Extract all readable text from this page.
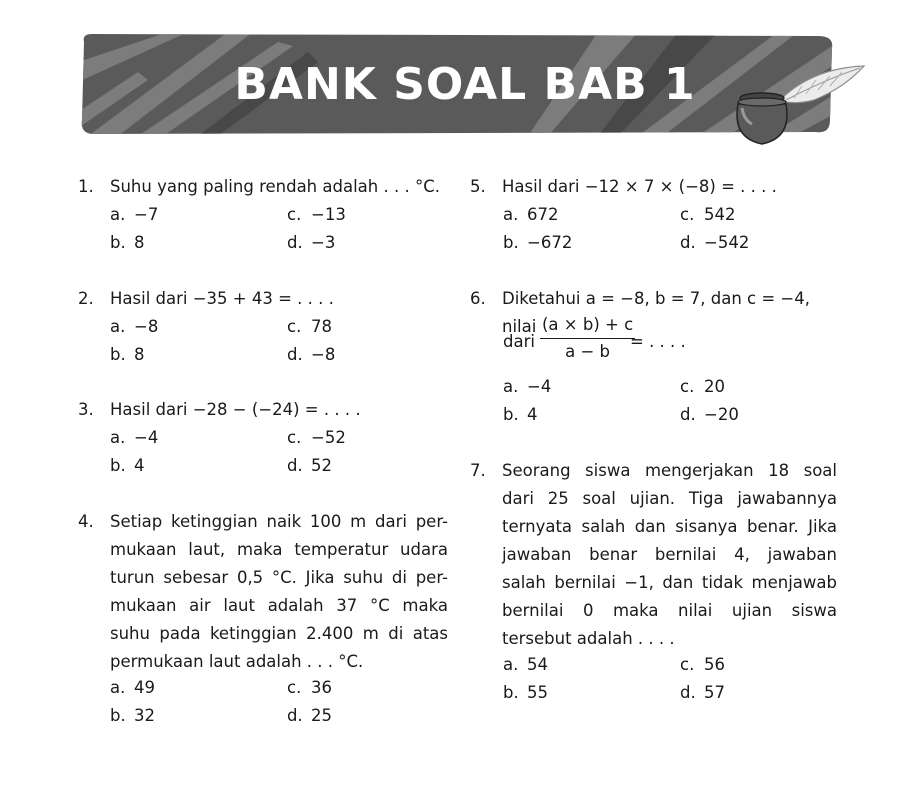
BANK SOAL BAB 1
1. Suhu yang paling rendah adalah . . . °C.
a. −7	c. −13
b. 8	d. −3
2. Hasil dari −35 + 43 = . . . .
a. −8	c. 78
b. 8	d. −8
3. Hasil dari −28 − (−24) = . . . .
a. −4	c. −52
b. 4	d. 52
4. Setiap ketinggian naik 100 m dari per-
mukaan laut, maka temperatur udara
turun sebesar 0,5 °C. Jika suhu di per-
mukaan air laut adalah 37 °C maka
suhu pada ketinggian 2.400 m di atas
permukaan laut adalah . . . °C.
a. 49	c. 36
b. 32	d. 25
5. Hasil dari −12 × 7 × (−8) = . . . .
a. 672	c. 542
b. −672	d. −542
6. Diketahui a = −8, b = 7, dan c = −4, nilai
dari $\frac{(a \times b) + c}{a - b}$
= . . . .
a. −4	c. 20
b. 4	d. −20
7. Seorang siswa mengerjakan 18 soal
dari 25 soal ujian. Tiga jawabannya
ternyata salah dan sisanya benar. Jika
jawaban benar bernilai 4, jawaban
salah bernilai −1, dan tidak menjawab
bernilai 0 maka nilai ujian siswa
tersebut adalah . . . .
a. 54	c. 56
b. 55	d. 57
